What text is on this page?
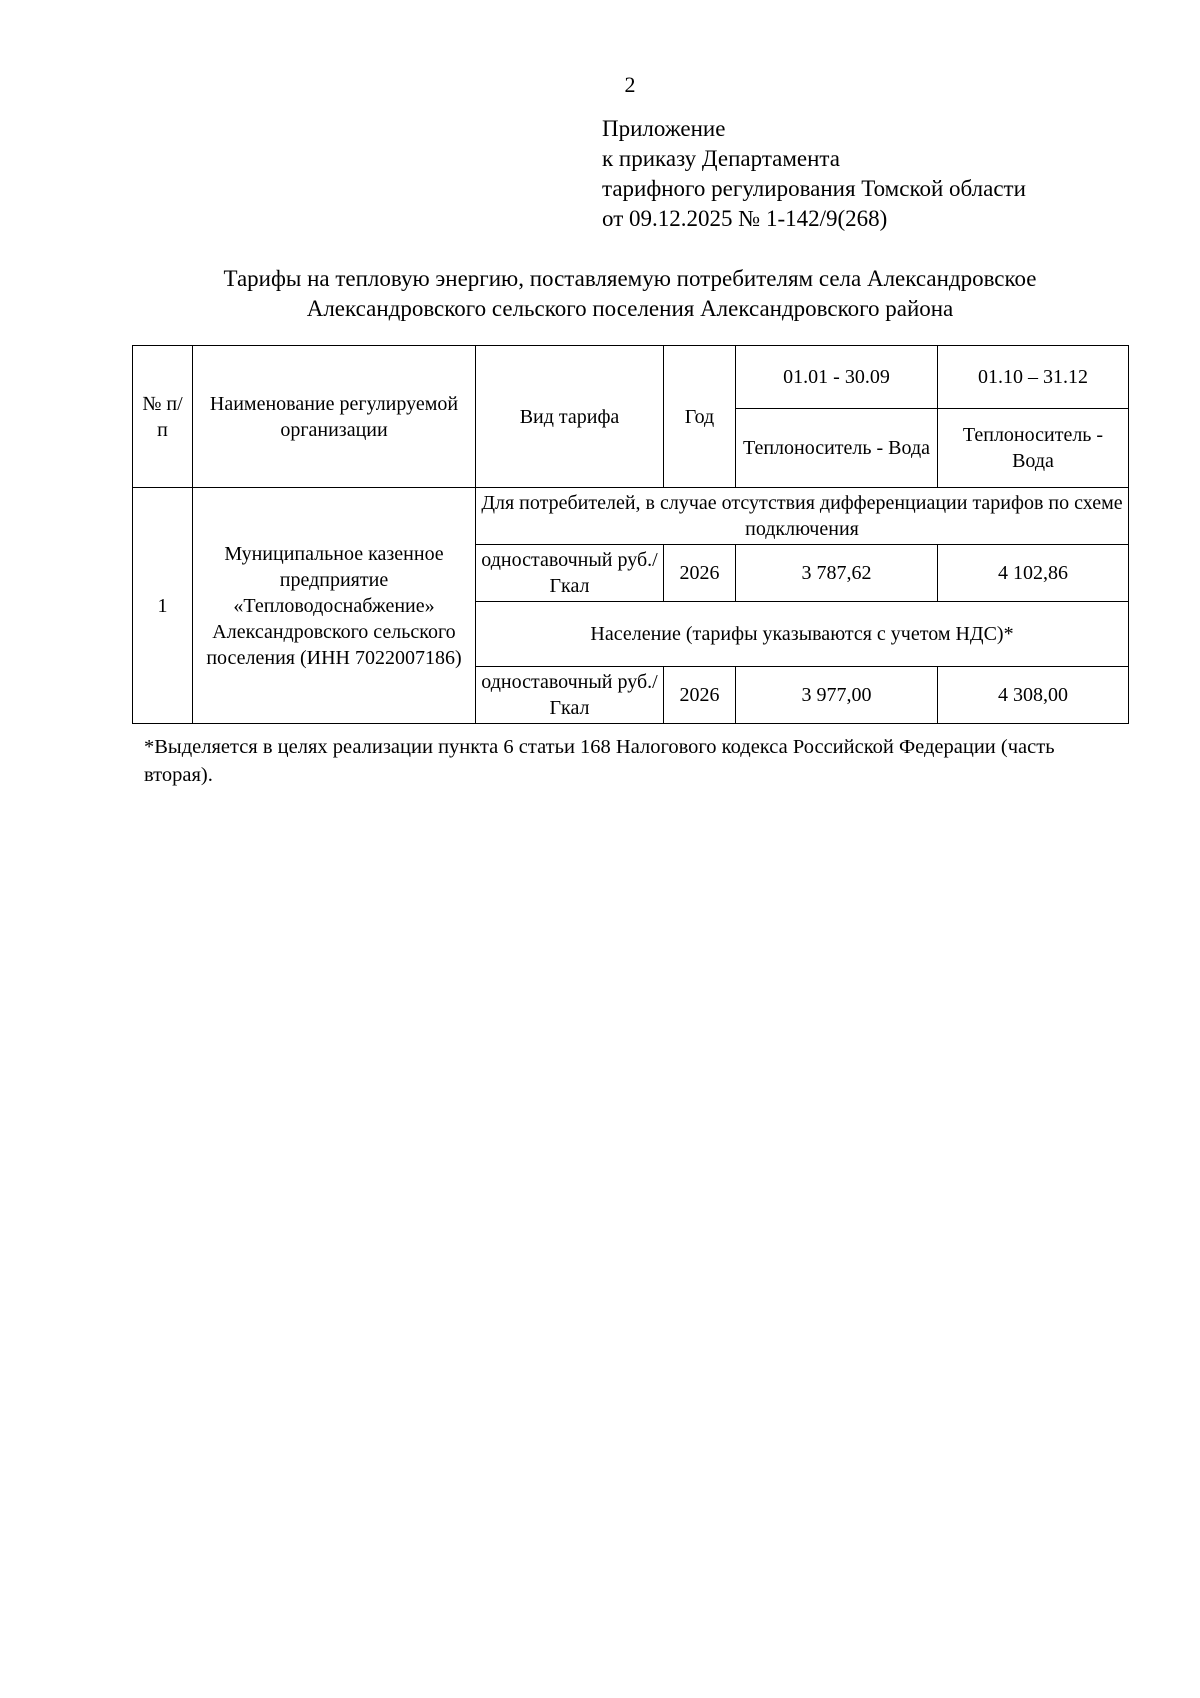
2
Приложение
к приказу Департамента
тарифного регулирования Томской области
от 09.12.2025 № 1-142/9(268)
Тарифы на тепловую энергию, поставляемую потребителям села Александровское
Александровского сельского поселения Александровского района
№ п/п	Наименование регулируемой организации	Вид тарифа	Год	01.01 - 30.09	01.10 – 31.12
				Теплоноситель - Вода	Теплоноситель - Вода
1	Муниципальное казенное предприятие «Тепловодоснабжение» Александровского сельского поселения (ИНН 7022007186)	Для потребителей, в случае отсутствия дифференциации тарифов по схеме подключения			
		одноставочный руб./Гкал	2026	3 787,62	4 102,86
		Население (тарифы указываются с учетом НДС)*			
		одноставочный руб./Гкал	2026	3 977,00	4 308,00
*Выделяется в целях реализации пункта 6 статьи 168 Налогового кодекса Российской Федерации (часть вторая).
